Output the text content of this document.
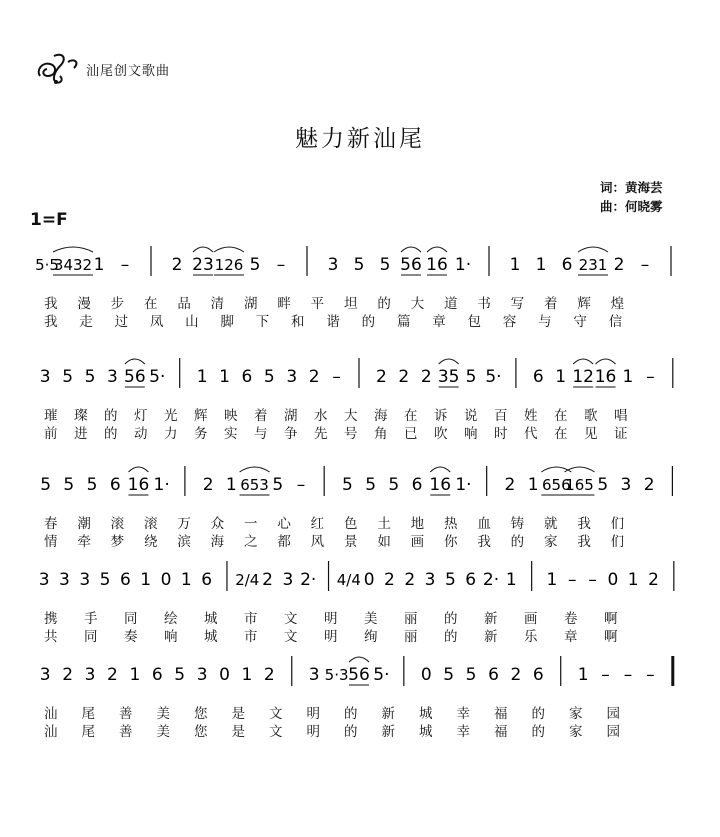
汕尾创文歌曲
魅力新汕尾
词：黄海芸
曲：何晓雾
1=F
5·5
3432 1 – 2 23 126 5 – 3 5 5 56 16 1· 1 1 6 231 2 –
我 漫 步 在 品 清 湖 畔 平 坦 的 大 道 书 写 着 辉 煌
我 走 过 凤 山 脚 下 和 谐 的 篇 章 包 容 与 守 信
3 5 5 3 56 5· 1 1 6 5 3 2 – 2 2 2 35 5 5· 6 1 12 16 1 –
璀 璨 的 灯 光 辉 映 着 湖 水 大 海 在 诉 说 百 姓 在 歌 唱
前 进 的 动 力 务 实 与 争 先 号 角 已 吹 响 时 代 在 见 证
5 5 5 6 16 1· 2 1 653 5 – 5 5 5 6 16 1· 2 1 656
165 5 3 2
春 潮 滚 滚 万 众 一 心 红 色 土 地 热 血 铸 就 我 们
情 牵 梦 绕 滨 海 之 都 风 景 如 画 你 我 的 家 我 们
3 3 3 5 6 1 0 1 6 2/4 2 3 2· 4/4 0 2 2 3 5 6 2· 1 1 – – 0 1 2
携 手 同 绘 城 市 文 明 美 丽 的 新 画 卷 啊
共 同 奏 响 城 市 文 明 绚 丽 的 新 乐 章 啊
3 2 3 2 1 6 5 3 0 1 2 3 5·3 56 5· 0 5 5 6 2 6 1 – – –
汕 尾 善 美 您 是 文 明 的 新 城 幸 福 的 家 园
汕 尾 善 美 您 是 文 明 的 新 城 幸 福 的 家 园
